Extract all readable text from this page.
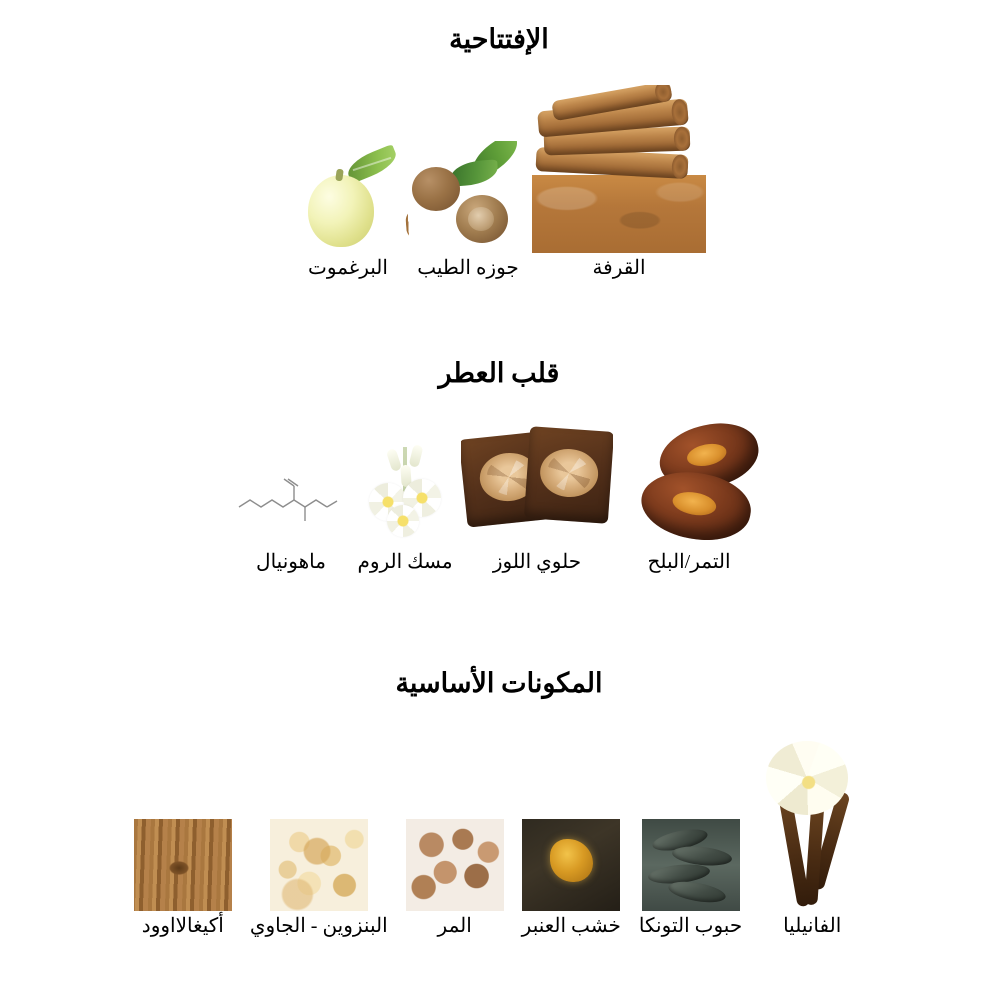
الإفتتاحية
البرغموت جوزه الطيب	القرفة
قلب العطر
ماهونيال مسك الروم حلوي اللوز	التمر/البلح
المكونات الأساسية
أكيغالااوود البنزوين - الجاوي المر خشب العنبر حبوب التونكا الفانيليا
